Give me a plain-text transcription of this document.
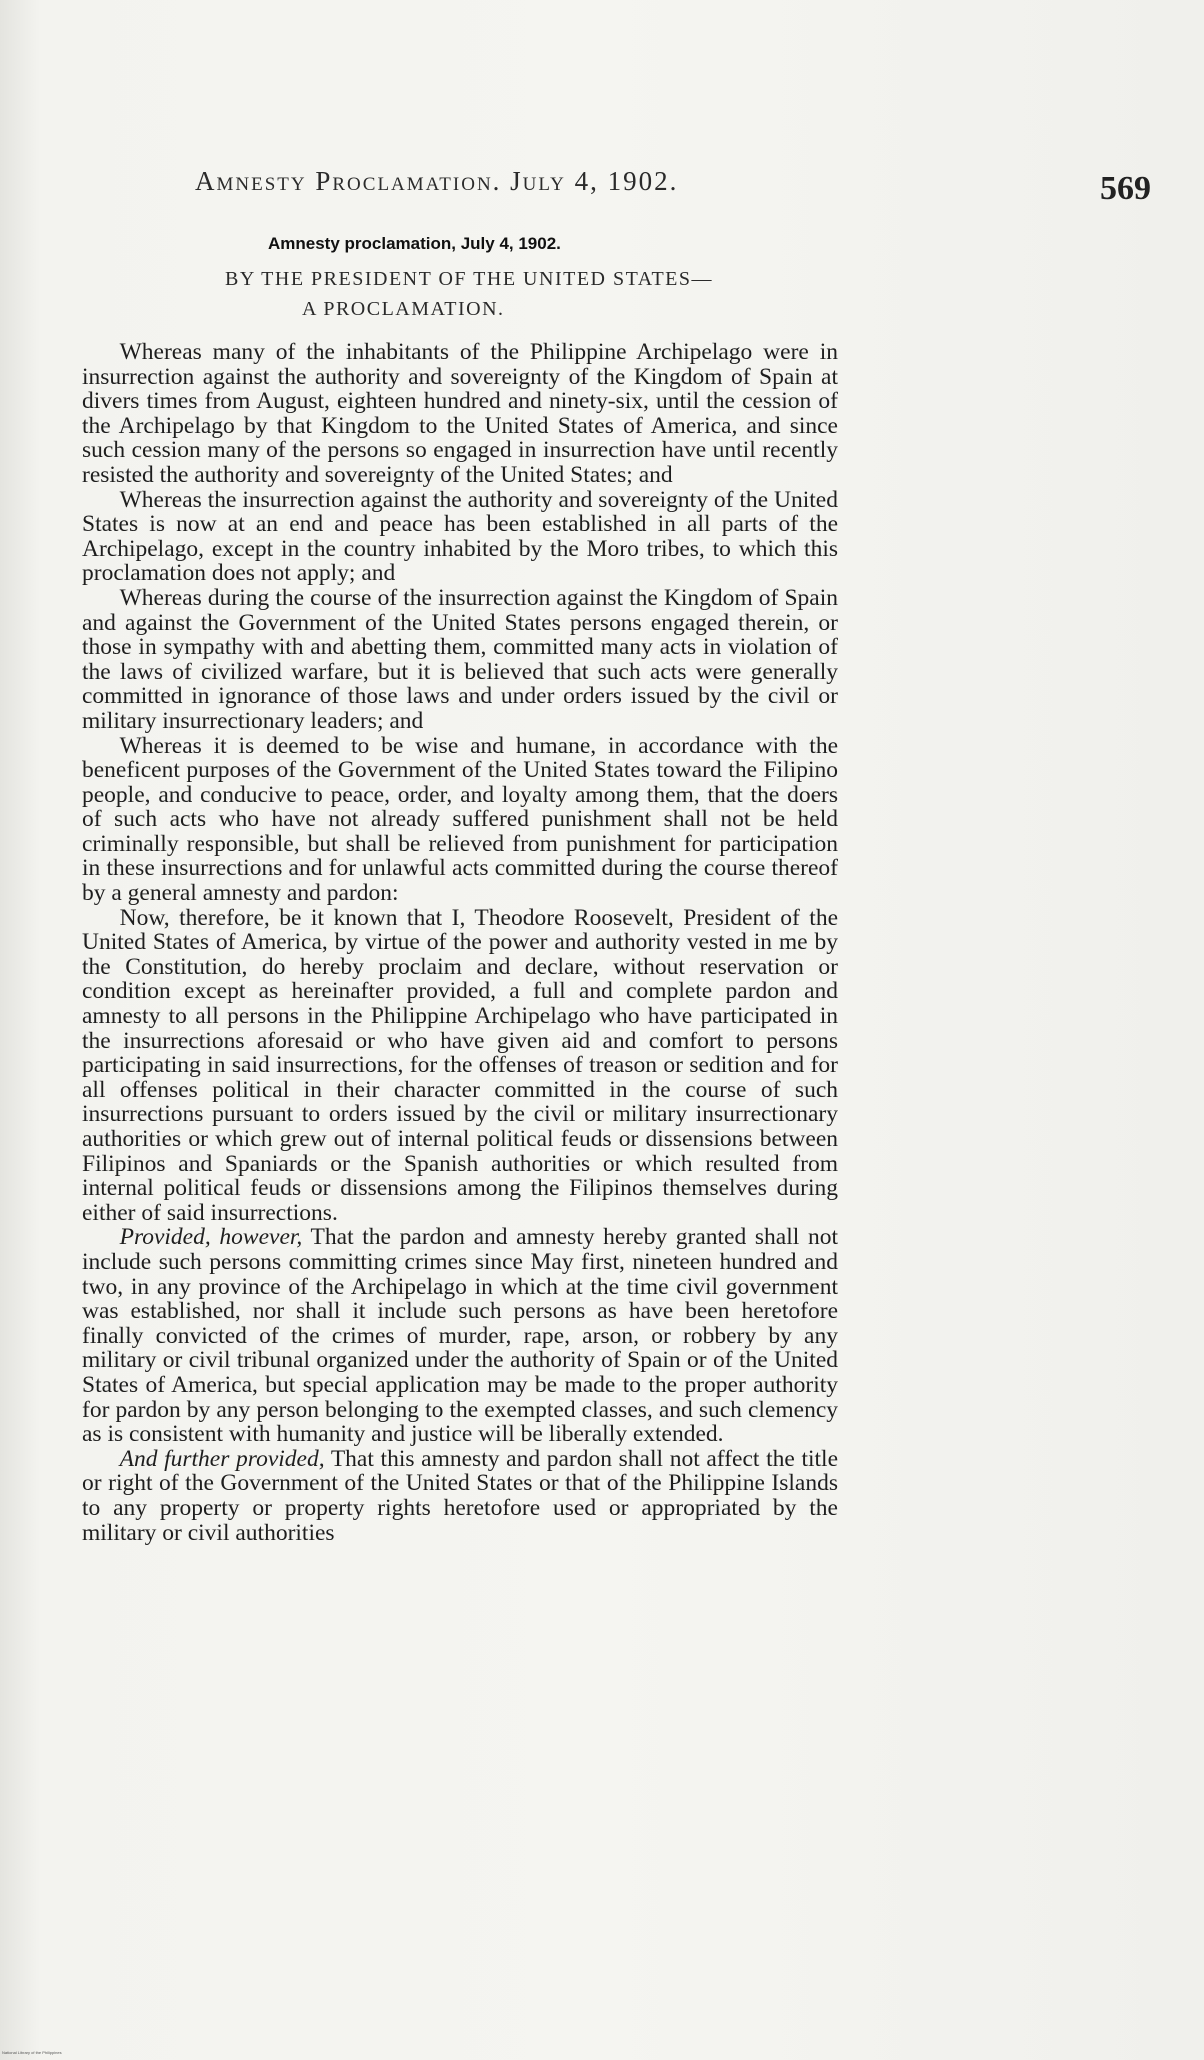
Amnesty Proclamation. July 4, 1902.	569
Amnesty proclamation, July 4, 1902.
BY THE PRESIDENT OF THE UNITED STATES—
A PROCLAMATION.

Whereas many of the inhabitants of the Philippine Archipelago were in insurrection against the authority and sovereignty of the Kingdom of Spain at divers times from August, eighteen hundred and ninety-six, until the cession of the Archipelago by that Kingdom to the United States of America, and since such cession many of the persons so engaged in insurrection have until recently resisted the authority and sovereignty of the United States; and

Whereas the insurrection against the authority and sovereignty of the United States is now at an end and peace has been established in all parts of the Archipelago, except in the country inhabited by the Moro tribes, to which this proclamation does not apply; and

Whereas during the course of the insurrection against the Kingdom of Spain and against the Government of the United States persons engaged therein, or those in sympathy with and abetting them, committed many acts in violation of the laws of civilized warfare, but it is believed that such acts were generally committed in ignorance of those laws and under orders issued by the civil or military insurrectionary leaders; and

Whereas it is deemed to be wise and humane, in accordance with the beneficent purposes of the Government of the United States toward the Filipino people, and conducive to peace, order, and loyalty among them, that the doers of such acts who have not already suffered punishment shall not be held criminally responsible, but shall be relieved from punishment for participation in these insurrections and for unlawful acts committed during the course thereof by a general amnesty and pardon:

Now, therefore, be it known that I, Theodore Roosevelt, President of the United States of America, by virtue of the power and authority vested in me by the Constitution, do hereby proclaim and declare, without reservation or condition except as hereinafter provided, a full and complete pardon and amnesty to all persons in the Philippine Archipelago who have participated in the insurrections aforesaid or who have given aid and comfort to persons participating in said insurrections, for the offenses of treason or sedition and for all offenses political in their character committed in the course of such insurrections pursuant to orders issued by the civil or military insurrectionary authorities or which grew out of internal political feuds or dissensions between Filipinos and Spaniards or the Spanish authorities or which resulted from internal political feuds or dissensions among the Filipinos themselves during either of said insurrections.

Provided, however, That the pardon and amnesty hereby granted shall not include such persons committing crimes since May first, nineteen hundred and two, in any province of the Archipelago in which at the time civil government was established, nor shall it include such persons as have been heretofore finally convicted of the crimes of murder, rape, arson, or robbery by any military or civil tribunal organized under the authority of Spain or of the United States of America, but special application may be made to the proper authority for pardon by any person belonging to the exempted classes, and such clemency as is consistent with humanity and justice will be liberally extended.

And further provided, That this amnesty and pardon shall not affect the title or right of the Government of the United States or that of the Philippine Islands to any property or property rights heretofore used or appropriated by the military or civil authorities

National Library of the Philippines
